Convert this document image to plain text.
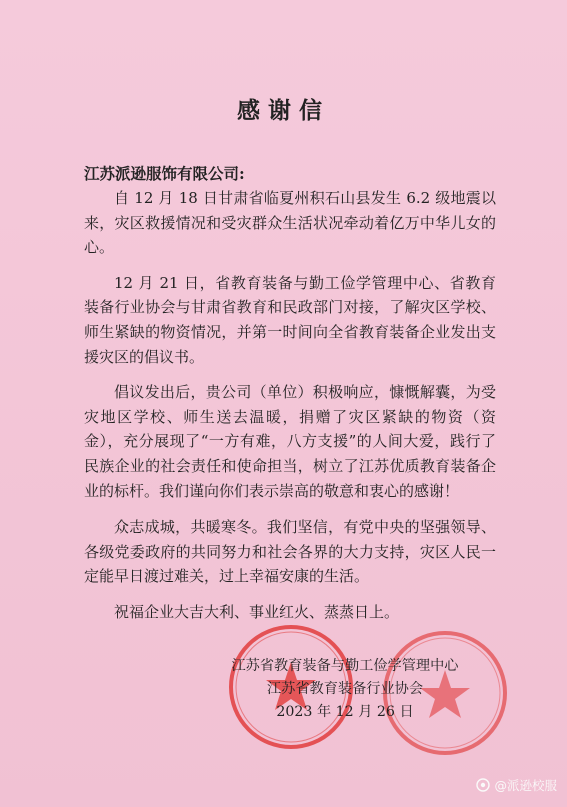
感谢信
江苏派逊服饰有限公司:

自 12 月 18 日甘肃省临夏州积石山县发生 6.2 级地震以来，灾区救援情况和受灾群众生活状况牵动着亿万中华儿女的心。

12 月 21 日，省教育装备与勤工俭学管理中心、省教育装备行业协会与甘肃省教育和民政部门对接，了解灾区学校、师生紧缺的物资情况，并第一时间向全省教育装备企业发出支援灾区的倡议书。

倡议发出后，贵公司（单位）积极响应，慷慨解囊，为受灾地区学校、师生送去温暖，捐赠了灾区紧缺的物资（资金），充分展现了“一方有难，八方支援”的人间大爱，践行了民族企业的社会责任和使命担当，树立了江苏优质教育装备企业的标杆。我们谨向你们表示崇高的敬意和衷心的感谢！

众志成城，共暖寒冬。我们坚信，有党中央的坚强领导、各级党委政府的共同努力和社会各界的大力支持，灾区人民一定能早日渡过难关，过上幸福安康的生活。

祝福企业大吉大利、事业红火、蒸蒸日上。

江苏省教育装备与勤工俭学管理中心
江苏省教育装备行业协会
2023 年 12 月 26 日
@派逊校服
